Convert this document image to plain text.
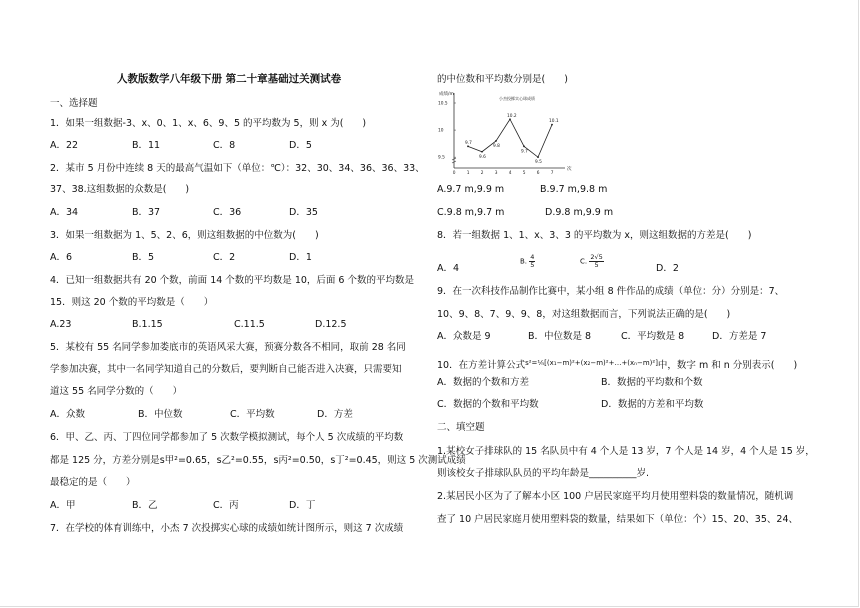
人教版数学八年级下册 第二十章基础过关测试卷
一、选择题
1．如果一组数据-3、x、0、1、x、6、9、5 的平均数为 5，则 x 为(　　)
A．22	B．11	C．8	D．5
2．某市 5 月份中连续 8 天的最高气温如下（单位：℃）：32、30、34、36、36、33、
37、38.这组数据的众数是(　　)
A．34	B．37	C．36	D．35
3．如果一组数据为 1、5、2、6，则这组数据的中位数为(　　)
A．6	B．5	C．2	D．1
4．已知一组数据共有 20 个数，前面 14 个数的平均数是 10，后面 6 个数的平均数是
15．则这 20 个数的平均数是（　　）
A.23	B.1.15	C.11.5	D.12.5
5．某校有 55 名同学参加娄底市的英语风采大赛，预赛分数各不相同，取前 28 名同
学参加决赛，其中一名同学知道自己的分数后，要判断自己能否进入决赛，只需要知
道这 55 名同学分数的（　　）
A．众数	B．中位数	C．平均数	D．方差
6．甲、乙、丙、丁四位同学都参加了 5 次数学模拟测试，每个人 5 次成绩的平均数
都是 125 分，方差分别是s甲²=0.65，s乙²=0.55，s丙²=0.50，s丁²=0.45，则这 5 次测试成绩
最稳定的是（　　）
A．甲	B．乙	C．丙	D．丁
7．在学校的体育训练中，小杰 7 次投掷实心球的成绩如统计图所示，则这 7 次成绩
的中位数和平均数分别是(　　)
成绩/m
次
小杰投掷实心球成绩
9.5
10
10.5
0	1	2	3	4	5	6	7
9.7
9.6
9.8
10.2
9.7
9.5
10.1
A.9.7 m,9.9 m	B.9.7 m,9.8 m
C.9.8 m,9.7 m	D.9.8 m,9.9 m
8．若一组数据 1、1、x、3、3 的平均数为 x，则这组数据的方差是(　　)
A．4
B. $\frac{4}{5}$	C. $\frac{2√5}{5}$	D．2
9．在一次科技作品制作比赛中，某小组 8 件作品的成绩（单位：分）分别是：7、
10、9、8、7、9、9、8，对这组数据而言，下列说法正确的是(　　)
A．众数是 9	B．中位数是 8	C．平均数是 8	D．方差是 7
10．在方差计算公式$^{s^2=^1⁄_n[(x_1-m)^2+(x_2-m)^2+\dots+(x_n-m)^2]}$中，数字 m 和 n 分别表示(　　)
A．数据的个数和方差	B．数据的平均数和个数
C．数据的个数和平均数	D．数据的方差和平均数
二、填空题
1.某校女子排球队的 15 名队员中有 4 个人是 13 岁，7 个人是 14 岁，4 个人是 15 岁，
则该校女子排球队队员的平均年龄是__________岁.
2.某居民小区为了了解本小区 100 户居民家庭平均月使用塑料袋的数量情况，随机调
查了 10 户居民家庭月使用塑料袋的数量，结果如下（单位：个）15、20、35、24、
